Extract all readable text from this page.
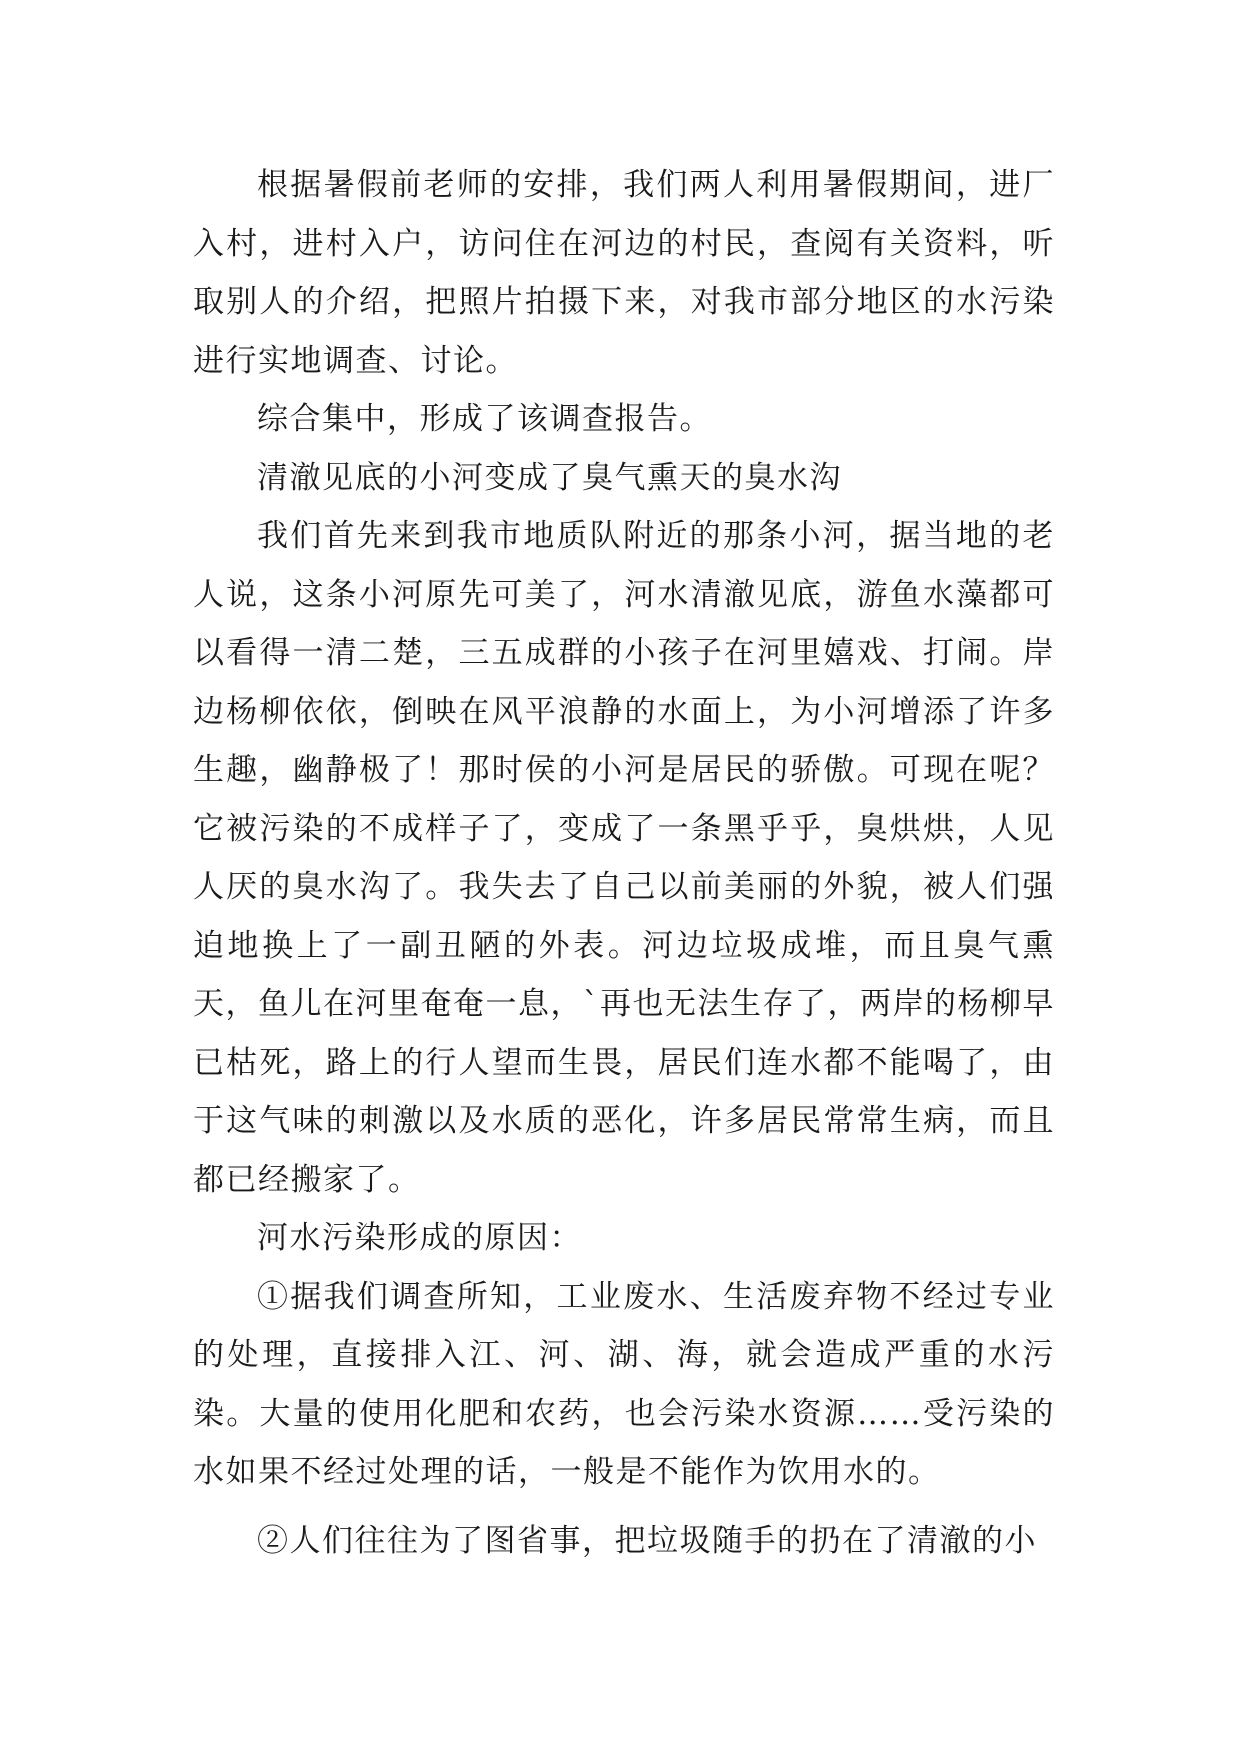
根据暑假前老师的安排，我们两人利用暑假期间，进厂入村，进村入户，访问住在河边的村民，查阅有关资料，听取别人的介绍，把照片拍摄下来，对我市部分地区的水污染进行实地调查、讨论。

综合集中，形成了该调查报告。

清澈见底的小河变成了臭气熏天的臭水沟

我们首先来到我市地质队附近的那条小河，据当地的老人说，这条小河原先可美了，河水清澈见底，游鱼水藻都可以看得一清二楚，三五成群的小孩子在河里嬉戏、打闹。岸边杨柳依依，倒映在风平浪静的水面上，为小河增添了许多生趣，幽静极了！那时侯的小河是居民的骄傲。可现在呢？它被污染的不成样子了，变成了一条黑乎乎，臭烘烘，人见人厌的臭水沟了。我失去了自己以前美丽的外貌，被人们强迫地换上了一副丑陋的外表。河边垃圾成堆，而且臭气熏天，鱼儿在河里奄奄一息，`再也无法生存了，两岸的杨柳早已枯死，路上的行人望而生畏，居民们连水都不能喝了，由于这气味的刺激以及水质的恶化，许多居民常常生病，而且都已经搬家了。

河水污染形成的原因：

①据我们调查所知，工业废水、生活废弃物不经过专业的处理，直接排入江、河、湖、海，就会造成严重的水污染。大量的使用化肥和农药，也会污染水资源……受污染的水如果不经过处理的话，一般是不能作为饮用水的。

②人们往往为了图省事，把垃圾随手的扔在了清澈的小
